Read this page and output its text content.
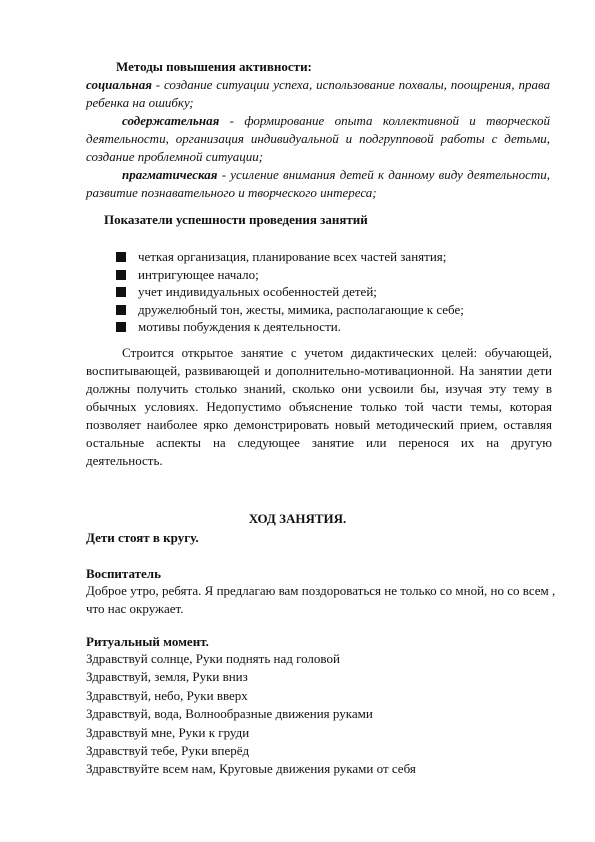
Методы повышения активности:

социальная - создание ситуации успеха, использование похвалы, поощрения, права ребенка на ошибку;

содержательная - формирование опыта коллективной и творческой деятельности, организация индивидуальной и подгрупповой работы с детьми, создание проблемной ситуации;

прагматическая - усиление внимания детей к данному виду деятельности, развитие познавательного и творческого интереса;

Показатели успешности проведения занятий
четкая организация, планирование всех частей занятия;
интригующее начало;
учет индивидуальных особенностей детей;
дружелюбный тон, жесты, мимика, располагающие к себе;
мотивы побуждения к деятельности.

Строится открытое занятие с учетом дидактических целей: обучающей, воспитывающей, развивающей и дополнительно-мотивационной. На занятии дети должны получить столько знаний, сколько они усвоили бы, изучая эту тему в обычных условиях. Недопустимо объяснение только той части темы, которая позволяет наиболее ярко демонстрировать новый методический прием, оставляя остальные аспекты на следующее занятие или перенося их на другую деятельность.

ХОД ЗАНЯТИЯ.
Дети стоят в кругу.
Воспитатель

Доброе утро, ребята. Я предлагаю вам поздороваться не только со мной, но со всем , что нас окружает.

Ритуальный момент.
Здравствуй солнце, Руки поднять над головой
Здравствуй, земля, Руки вниз
Здравствуй, небо, Руки вверх
Здравствуй, вода, Волнообразные движения руками
Здравствуй мне, Руки к груди
Здравствуй тебе, Руки вперёд
Здравствуйте всем нам, Круговые движения руками от себя
